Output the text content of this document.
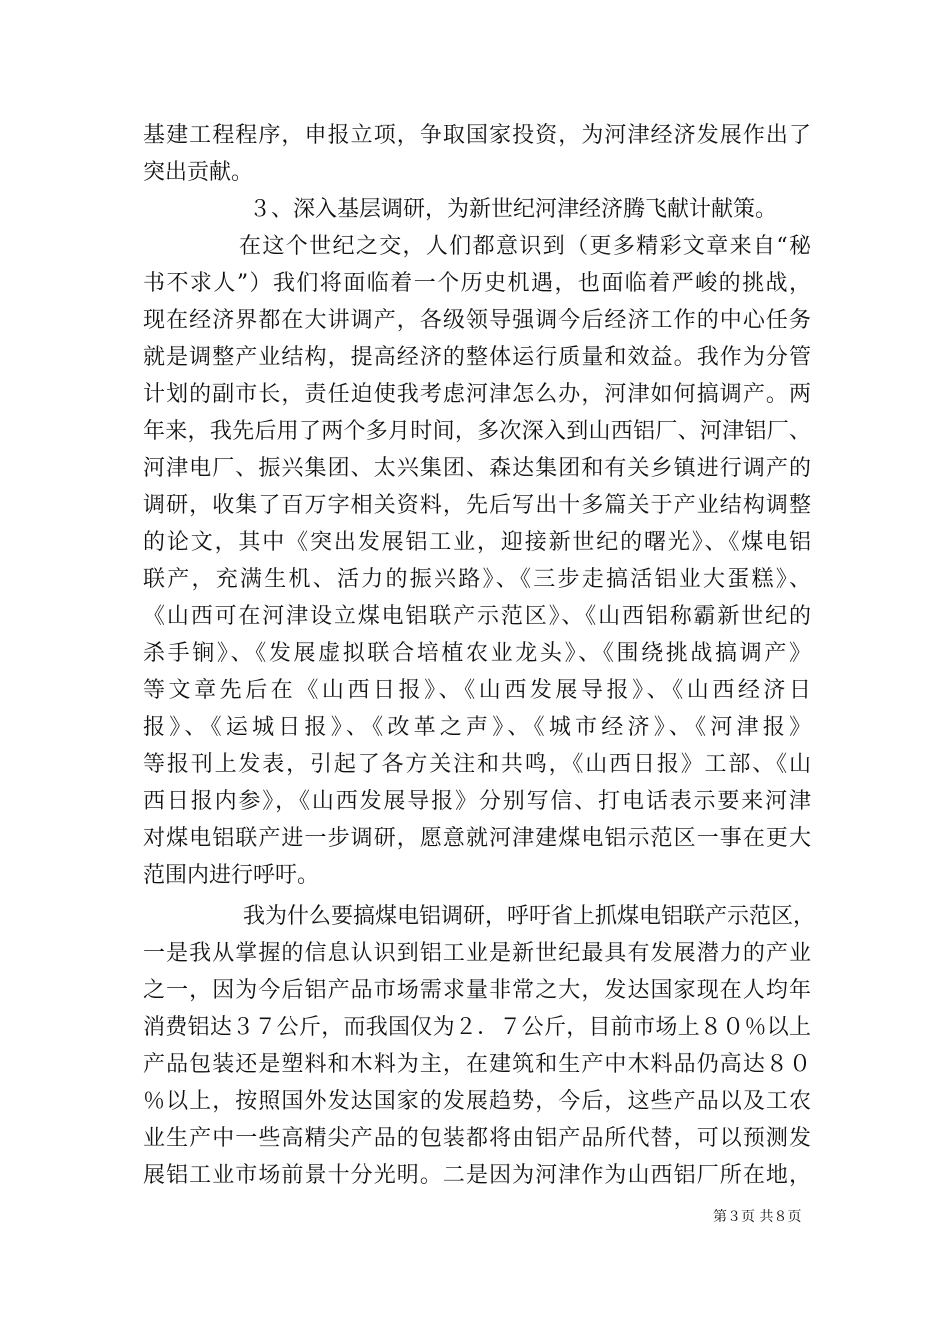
基建工程程序，申报立项，争取国家投资，为河津经济发展作出了
突出贡献。
３、深入基层调研，为新世纪河津经济腾飞献计献策。
在这个世纪之交，人们都意识到（更多精彩文章来自“秘
书不求人”）我们将面临着一个历史机遇，也面临着严峻的挑战，
现在经济界都在大讲调产，各级领导强调今后经济工作的中心任务
就是调整产业结构，提高经济的整体运行质量和效益。我作为分管
计划的副市长，责任迫使我考虑河津怎么办，河津如何搞调产。两
年来，我先后用了两个多月时间，多次深入到山西铝厂、河津铝厂、
河津电厂、振兴集团、太兴集团、森达集团和有关乡镇进行调产的
调研，收集了百万字相关资料，先后写出十多篇关于产业结构调整
的论文，其中《突出发展铝工业，迎接新世纪的曙光》、《煤电铝
联产，充满生机、活力的振兴路》、《三步走搞活铝业大蛋糕》、
《山西可在河津设立煤电铝联产示范区》、《山西铝称霸新世纪的
杀手锏》、《发展虚拟联合培植农业龙头》、《围绕挑战搞调产》
等文章先后在《山西日报》、《山西发展导报》、《山西经济日
报》、《运城日报》、《改革之声》、《城市经济》、《河津报》
等报刊上发表，引起了各方关注和共鸣，《山西日报》工部、《山
西日报内参》，《山西发展导报》分别写信、打电话表示要来河津
对煤电铝联产进一步调研，愿意就河津建煤电铝示范区一事在更大
范围内进行呼吁。
我为什么要搞煤电铝调研，呼吁省上抓煤电铝联产示范区，
一是我从掌握的信息认识到铝工业是新世纪最具有发展潜力的产业
之一，因为今后铝产品市场需求量非常之大，发达国家现在人均年
消费铝达３７公斤，而我国仅为２．７公斤，目前市场上８０％以上
产品包装还是塑料和木料为主，在建筑和生产中木料品仍高达８０
％以上，按照国外发达国家的发展趋势，今后，这些产品以及工农
业生产中一些高精尖产品的包装都将由铝产品所代替，可以预测发
展铝工业市场前景十分光明。二是因为河津作为山西铝厂所在地，
第３页 共８页
